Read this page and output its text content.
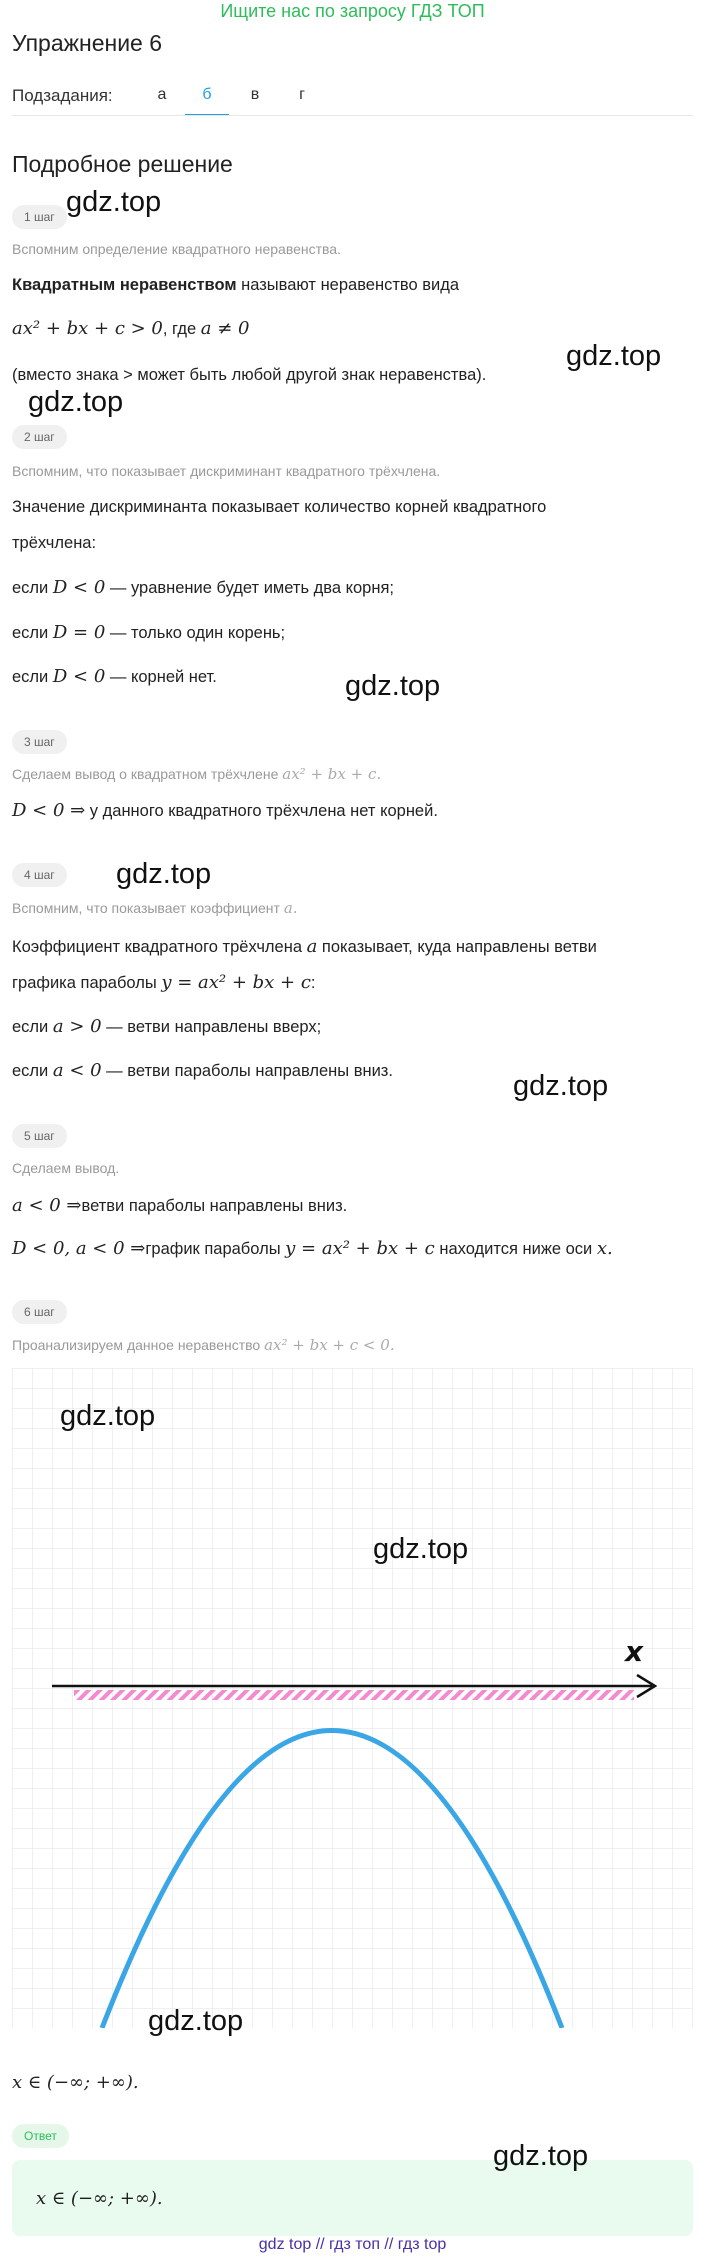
Ищите нас по запросу ГДЗ ТОП
Упражнение 6
Подзадания:	а	б	в	г
Подробное решение
1 шаг
Вспомним определение квадратного неравенства.
Квадратным неравенством называют неравенство вида
ax² + bx + c > 0, где a ≠ 0
(вместо знака > может быть любой другой знак неравенства).
2 шаг
Вспомним, что показывает дискриминант квадратного трёхчлена.
Значение дискриминанта показывает количество корней квадратного
трёхчлена:
если D < 0 — уравнение будет иметь два корня;
если D = 0 — только один корень;
если D < 0 — корней нет.
3 шаг
Сделаем вывод о квадратном трёхчлене ax² + bx + c.
D < 0 ⇒ у данного квадратного трёхчлена нет корней.
4 шаг
Вспомним, что показывает коэффициент a.
Коэффициент квадратного трёхчлена a показывает, куда направлены ветви
графика параболы y = ax² + bx + c:
если a > 0 — ветви направлены вверх;
если a < 0 — ветви параболы направлены вниз.
5 шаг
Сделаем вывод.
a < 0 ⇒ветви параболы направлены вниз.
D < 0, a < 0 ⇒график параболы y = ax² + bx + c находится ниже оси x.
6 шаг
Проанализируем данное неравенство ax² + bx + c < 0.
x
x ∈ (−∞; +∞).
Ответ
x ∈ (−∞; +∞).
gdz.top
gdz.top
gdz.top
gdz.top
gdz.top
gdz.top
gdz.top
gdz.top
gdz.top
gdz.top
gdz top // гдз топ // гдз top
